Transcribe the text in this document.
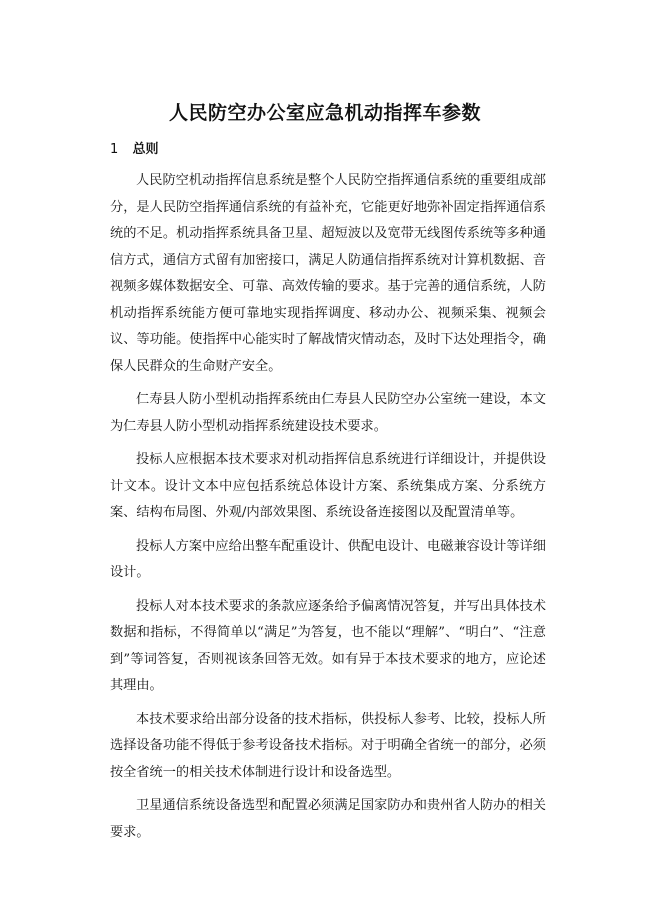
人民防空办公室应急机动指挥车参数
1 总则

人民防空机动指挥信息系统是整个人民防空指挥通信系统的重要组成部分，是人民防空指挥通信系统的有益补充，它能更好地弥补固定指挥通信系统的不足。机动指挥系统具备卫星、超短波以及宽带无线图传系统等多种通信方式，通信方式留有加密接口，满足人防通信指挥系统对计算机数据、音视频多媒体数据安全、可靠、高效传输的要求。基于完善的通信系统，人防机动指挥系统能方便可靠地实现指挥调度、移动办公、视频采集、视频会议、等功能。使指挥中心能实时了解战情灾情动态，及时下达处理指令，确保人民群众的生命财产安全。

仁寿县人防小型机动指挥系统由仁寿县人民防空办公室统一建设，本文为仁寿县人防小型机动指挥系统建设技术要求。

投标人应根据本技术要求对机动指挥信息系统进行详细设计，并提供设计文本。设计文本中应包括系统总体设计方案、系统集成方案、分系统方案、结构布局图、外观/内部效果图、系统设备连接图以及配置清单等。

投标人方案中应给出整车配重设计、供配电设计、电磁兼容设计等详细设计。

投标人对本技术要求的条款应逐条给予偏离情况答复，并写出具体技术数据和指标，不得简单以“满足”为答复，也不能以“理解”、“明白”、“注意到”等词答复，否则视该条回答无效。如有异于本技术要求的地方，应论述其理由。

本技术要求给出部分设备的技术指标，供投标人参考、比较，投标人所选择设备功能不得低于参考设备技术指标。对于明确全省统一的部分，必须按全省统一的相关技术体制进行设计和设备选型。

卫星通信系统设备选型和配置必须满足国家防办和贵州省人防办的相关要求。
